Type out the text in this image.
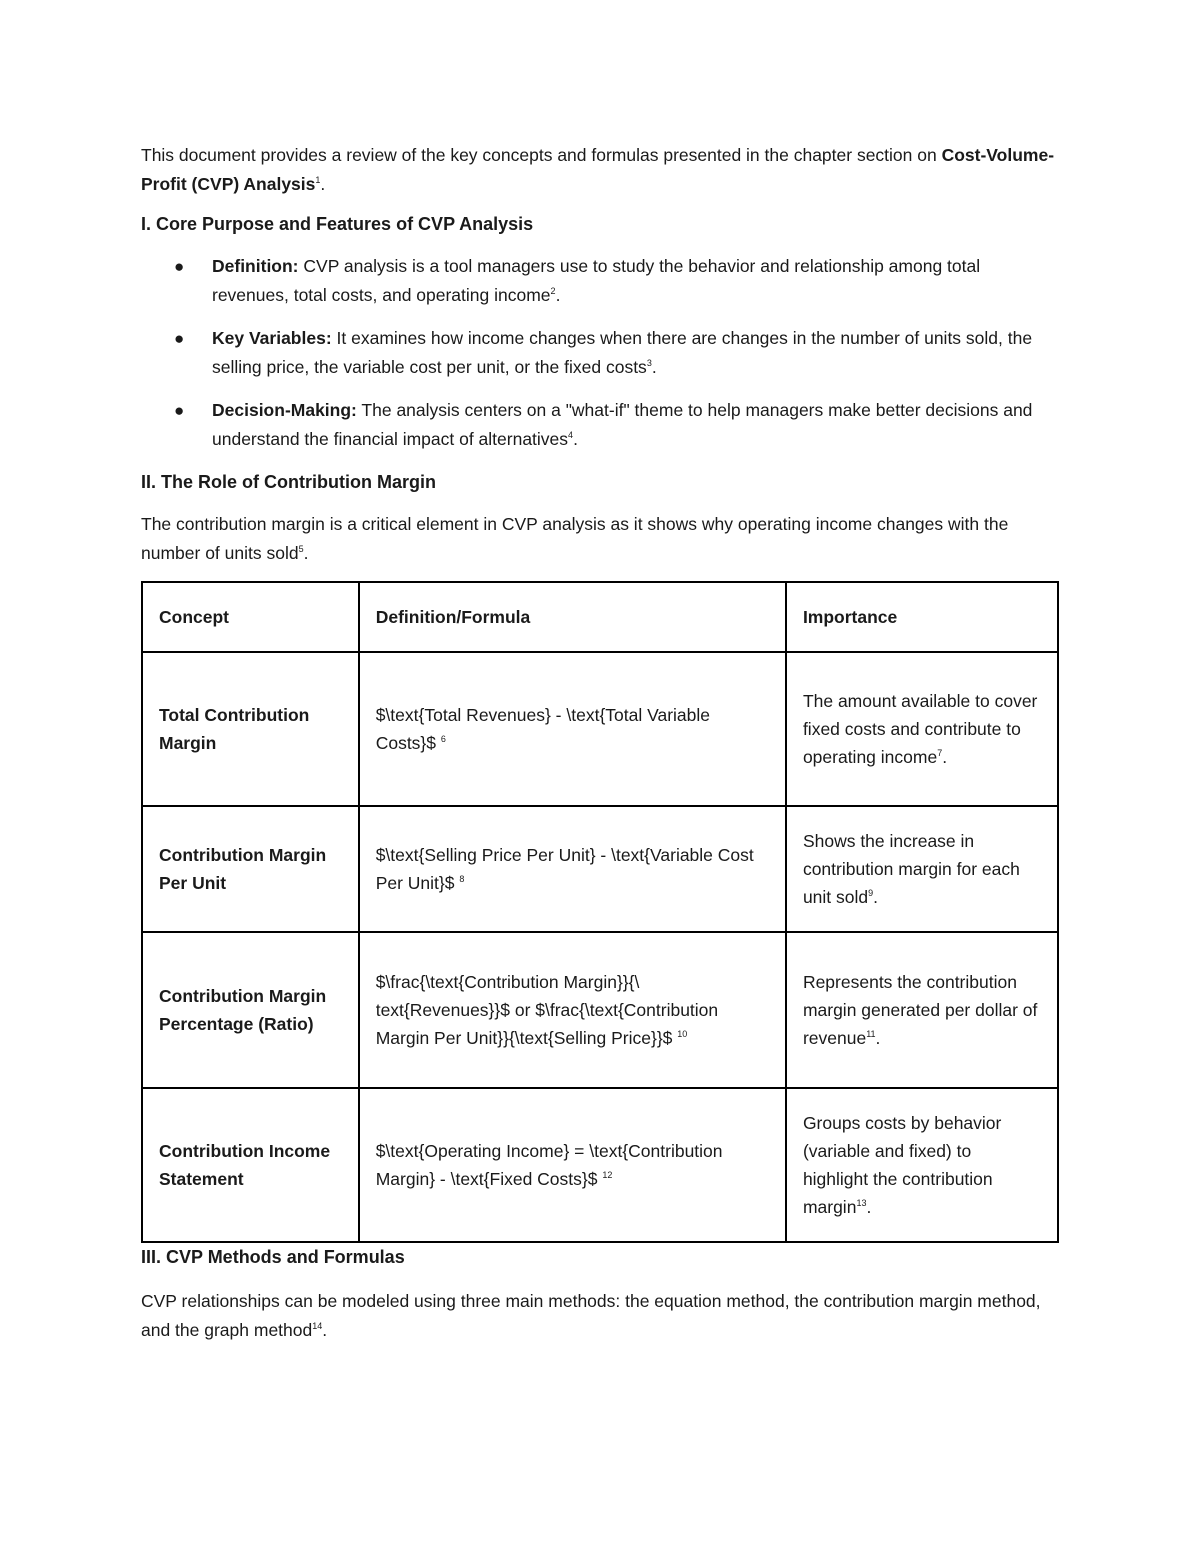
This document provides a review of the key concepts and formulas presented in the chapter section on Cost-Volume-Profit (CVP) Analysis$^1$.

I. Core Purpose and Features of CVP Analysis
● Definition: CVP analysis is a tool managers use to study the behavior and relationship among total revenues, total costs, and operating income$^2$.
● Key Variables: It examines how income changes when there are changes in the number of units sold, the selling price, the variable cost per unit, or the fixed costs$^3$.
● Decision-Making: The analysis centers on a "what-if" theme to help managers make better decisions and understand the financial impact of alternatives$^4$.
II. The Role of Contribution Margin

The contribution margin is a critical element in CVP analysis as it shows why operating income changes with the number of units sold$^5$.

Concept	Definition/Formula	Importance
Total Contribution Margin	$\text{Total Revenues} - \text{Total Variable Costs}$ $^6$	The amount available to cover fixed costs and contribute to operating income$^7$.
Contribution Margin Per Unit	$\text{Selling Price Per Unit} - \text{Variable Cost Per Unit}$ $^8$	Shows the increase in contribution margin for each unit sold$^9$.
Contribution Margin Percentage (Ratio)	$\frac{\text{Contribution Margin}}{\ text{Revenues}}$ or $\frac{\text{Contribution Margin Per Unit}}{\text{Selling Price}}$ $^{10}$	Represents the contribution margin generated per dollar of revenue$^{11}$.
Contribution Income Statement	$\text{Operating Income} = \text{Contribution Margin} - \text{Fixed Costs}$ $^{12}$	Groups costs by behavior (variable and fixed) to highlight the contribution margin$^{13}$.
III. CVP Methods and Formulas

CVP relationships can be modeled using three main methods: the equation method, the contribution margin method, and the graph method$^{14}$.
